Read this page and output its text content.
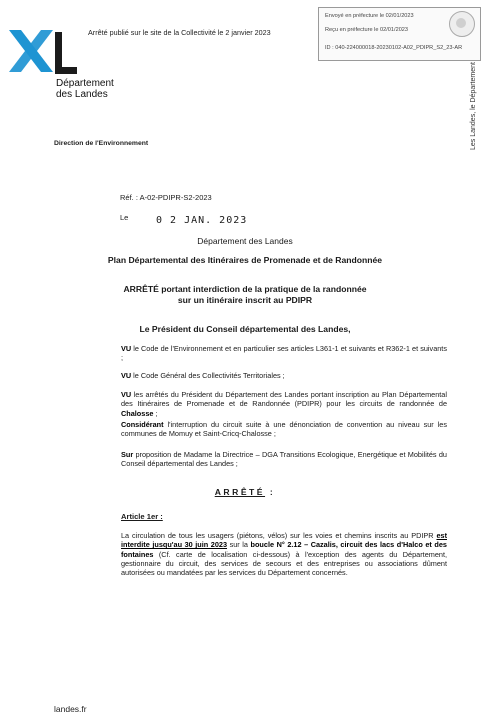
Arrêté publié sur le site de la Collectivité le 2 janvier 2023
Envoyé en préfecture le 02/01/2023
Reçu en préfecture le 02/01/2023
ID : 040-224000018-20230102-A02_PDIPR_S2_23-AR
Les Landes, le Département
Département
des Landes
Direction de l'Environnement
Réf. : A-02-PDIPR-S2-2023
Le	0 2 JAN. 2023
Département des Landes
Plan Départemental des Itinéraires de Promenade et de Randonnée
ARRÊTÉ portant interdiction de la pratique de la randonnée
sur un itinéraire inscrit au PDIPR
Le Président du Conseil départemental des Landes,
VU le Code de l'Environnement et en particulier ses articles L361-1 et suivants et R362-1 et suivants ;
VU le Code Général des Collectivités Territoriales ;
VU les arrêtés du Président du Département des Landes portant inscription au Plan Départemental des Itinéraires de Promenade et de Randonnée (PDIPR) pour les circuits de randonnée de Chalosse ;
Considérant l'interruption du circuit suite à une dénonciation de convention au niveau sur les communes de Momuy et Saint-Cricq-Chalosse ;
Sur proposition de Madame la Directrice – DGA Transitions Ecologique, Energétique et Mobilités du Conseil départemental des Landes ;
ARRÊTÉ :
Article 1er :
La circulation de tous les usagers (piétons, vélos) sur les voies et chemins inscrits au PDIPR est interdite jusqu'au 30 juin 2023 sur la boucle N° 2.12 – Cazalis, circuit des lacs d'Halco et des fontaines (Cf. carte de localisation ci-dessous) à l'exception des agents du Département, gestionnaire du circuit, des services de secours et des entreprises ou associations dûment autorisées ou mandatées par les services du Département concernés.
landes.fr
